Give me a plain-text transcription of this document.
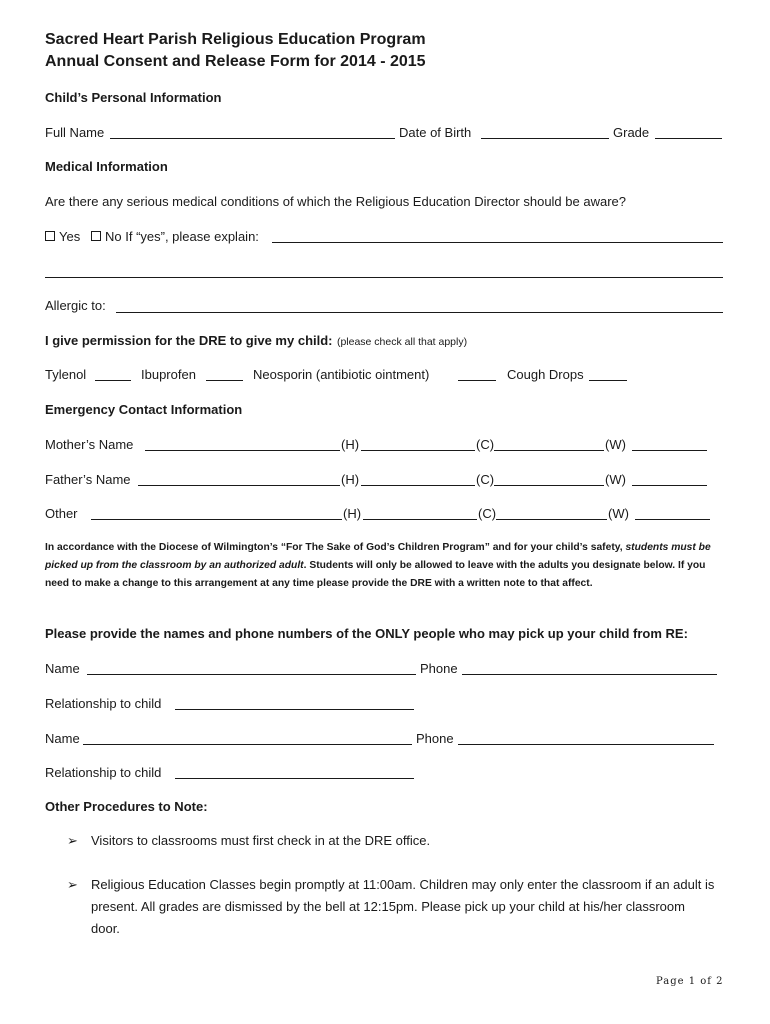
Sacred Heart Parish Religious Education Program
Annual Consent and Release Form for 2014 - 2015
Child’s Personal Information
Full Name	Date of Birth	Grade
Medical Information
Are there any serious medical conditions of which the Religious Education Director should be aware?
Yes	No If “yes”, please explain:
Allergic to:
I give permission for the DRE to give my child: (please check all that apply)
Tylenol	Ibuprofen	Neosporin (antibiotic ointment)	Cough Drops
Emergency Contact Information
Mother’s Name	(H)	(C)	(W)
Father’s Name	(H)	(C)	(W)
Other	(H)	(C)	(W)
In accordance with the Diocese of Wilmington’s “For The Sake of God’s Children Program” and for your child’s safety, students must be picked up from the classroom by an authorized adult. Students will only be allowed to leave with the adults you designate below. If you need to make a change to this arrangement at any time please provide the DRE with a written note to that affect.
Please provide the names and phone numbers of the ONLY people who may pick up your child from RE:
Name	Phone
Relationship to child
Name	Phone
Relationship to child
Other Procedures to Note:
➢ Visitors to classrooms must first check in at the DRE office.
➢ Religious Education Classes begin promptly at 11:00am. Children may only enter the classroom if an adult is present. All grades are dismissed by the bell at 12:15pm. Please pick up your child at his/her classroom door.
Page 1 of 2
